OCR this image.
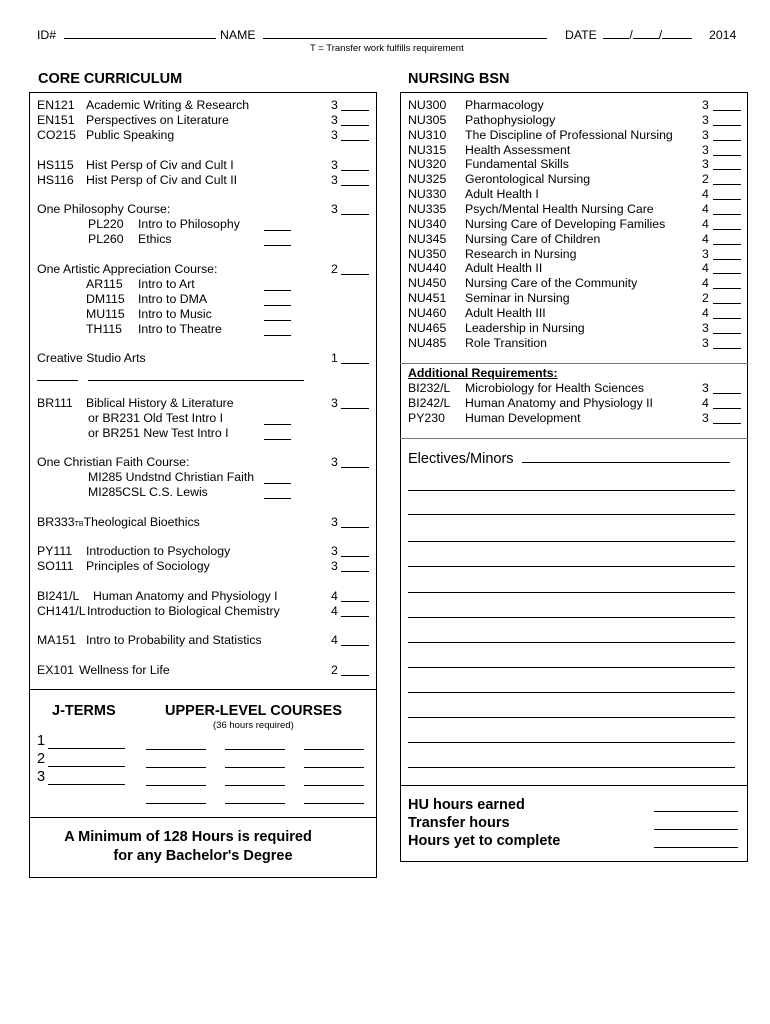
ID#	NAME	DATE	/ /	2014
T = Transfer work fulfills requirement
CORE CURRICULUM
EN121 Academic Writing & Research	3
EN151 Perspectives on Literature	3
CO215 Public Speaking	3
HS115 Hist Persp of Civ and Cult I	3
HS116 Hist Persp of Civ and Cult II	3
One Philosophy Course:	3
PL220 Intro to Philosophy
PL260 Ethics
One Artistic Appreciation Course:	2
AR115 Intro to Art
DM115 Intro to DMA
MU115 Intro to Music
TH115 Intro to Theatre
Creative Studio Arts	1
BR111 Biblical History & Literature	3
or BR231 Old Test Intro I
or BR251 New Test Intro I
One Christian Faith Course:	3
MI285 Undstnd Christian Faith
MI285CSL C.S. Lewis
BR333TBTheological Bioethics	3
PY111 Introduction to Psychology	3
SO111 Principles of Sociology	3
BI241/L Human Anatomy and Physiology I	4
CH141/L Introduction to Biological Chemistry	4
MA151 Intro to Probability and Statistics	4
EX101 Wellness for Life	2
J-TERMS	UPPER-LEVEL COURSES
(36 hours required)
1
2
3
A Minimum of 128 Hours is required
for any Bachelor's Degree
NURSING BSN
NU300 Pharmacology	3
NU305 Pathophysiology	3
NU310 The Discipline of Professional Nursing 3
NU315 Health Assessment	3
NU320 Fundamental Skills	3
NU325 Gerontological Nursing	2
NU330 Adult Health I	4
NU335 Psych/Mental Health Nursing Care	4
NU340 Nursing Care of Developing Families	4
NU345 Nursing Care of Children	4
NU350 Research in Nursing	3
NU440 Adult Health II	4
NU450 Nursing Care of the Community	4
NU451 Seminar in Nursing	2
NU460 Adult Health III	4
NU465 Leadership in Nursing	3
NU485 Role Transition	3
Additional Requirements:
BI232/L Microbiology for Health Sciences	3
BI242/L Human Anatomy and Physiology II	4
PY230 Human Development	3
Electives/Minors
HU hours earned
Transfer hours
Hours yet to complete
